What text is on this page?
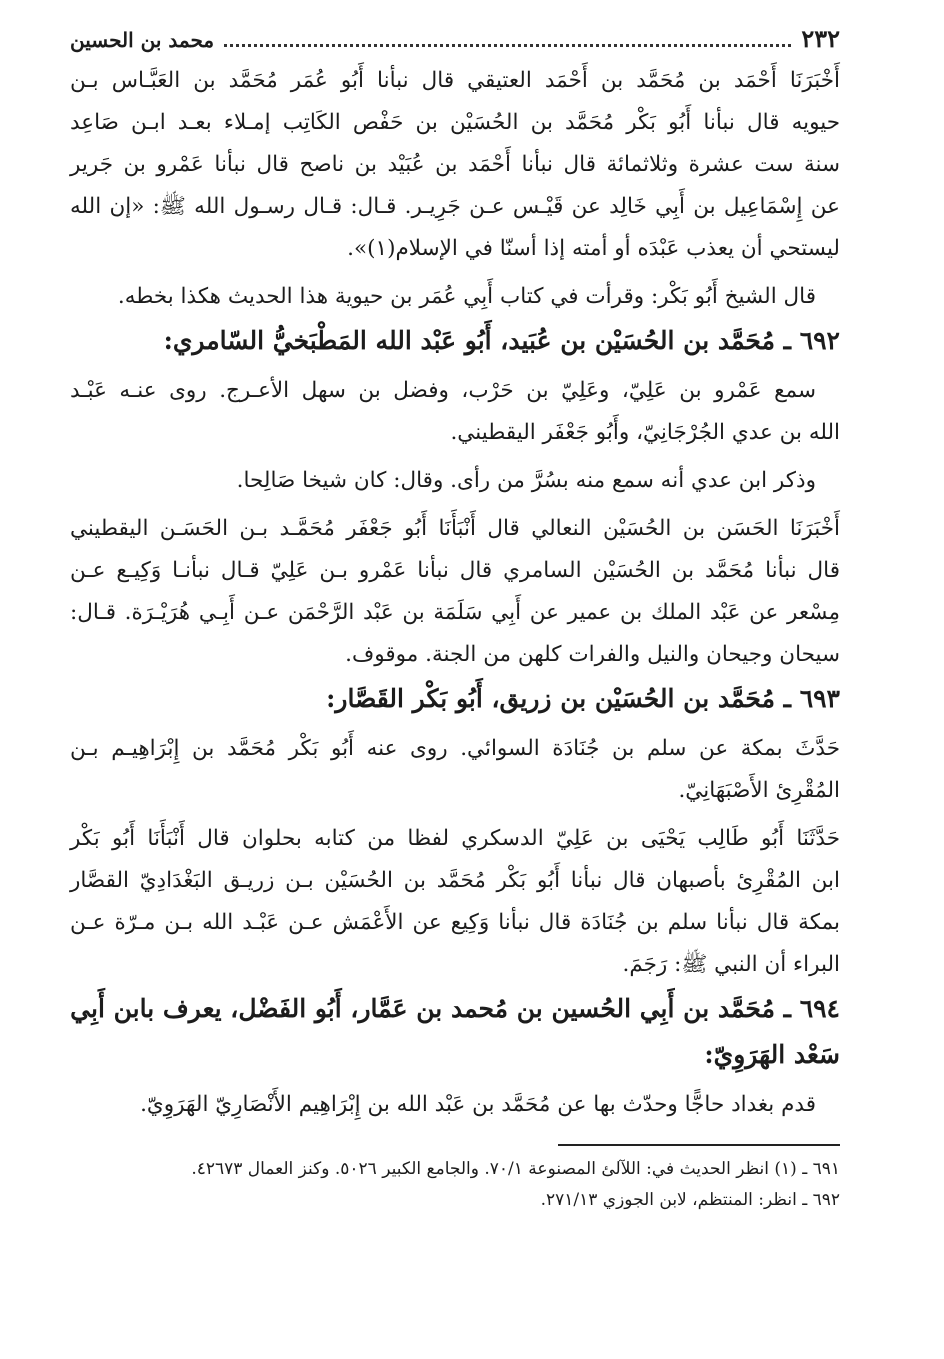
٢٣٢
محمد بن الحسين

أَخْبَرَنَا أَحْمَد بن مُحَمَّد بن أَحْمَد العتيقي قال نبأنا أَبُو عُمَر مُحَمَّد بن العَبَّـاس بـن

حيويه قال نبأنا أَبُو بَكْر مُحَمَّد بن الحُسَيْن بن حَفْص الكَاتِب إمـلاء بعـد ابـن صَاعِد

سنة ست عشرة وثلاثمائة قال نبأنا أَحْمَد بن عُبَيْد بن ناصح قال نبأنا عَمْرو بن جَرير

عن إِسْمَاعِيل بن أَبِي خَالِد عن قَيْـس عـن جَرِيـر. قـال: قـال رسـول الله ﷺ: «إن الله

ليستحي أن يعذب عَبْدَه أو أمته إذا أسنّا في الإسلام(١)».

قال الشيخ أَبُو بَكْر: وقرأت في كتاب أَبِي عُمَر بن حيوية هذا الحديث هكذا بخطه.

٦٩٢ ـ مُحَمَّد بن الحُسَيْن بن عُبَيد، أَبُو عَبْد الله المَطْبَخيُّ السّامري:

سمع عَمْرو بن عَلِيّ، وعَلِيّ بن حَرْب، وفضل بن سهل الأعـرج. روى عنـه عَبْـد

الله بن عدي الجُرْجَانِيّ، وأَبُو جَعْفَر اليقطيني.

وذكر ابن عدي أنه سمع منه بسُرَّ من رأى. وقال: كان شيخا صَالِحا.

أَخْبَرَنَا الحَسَن بن الحُسَيْن النعالي قال أَنْبَأَنَا أَبُو جَعْفَر مُحَمَّـد بـن الحَسَـن اليقطيني

قال نبأنا مُحَمَّد بن الحُسَيْن السامري قال نبأنا عَمْرو بـن عَلِيّ قـال نبأنـا وَكِيـع عـن

مِسْعر عن عَبْد الملك بن عمير عن أَبِي سَلَمَة بن عَبْد الرَّحْمَن عـن أَبِـي هُرَيْـرَة. قـال:

سيحان وجيحان والنيل والفرات كلهن من الجنة. موقوف.

٦٩٣ ـ مُحَمَّد بن الحُسَيْن بن زريق، أَبُو بَكْر القَصَّار:

حَدَّثَ بمكة عن سلم بن جُنَادَة السوائي. روى عنه أَبُو بَكْر مُحَمَّد بن إِبْرَاهِيـم بـن

المُقْرِئ الأَصْبَهَانِيّ.

حَدَّثَنَا أَبُو طَالِب يَحْيَى بن عَلِيّ الدسكري لفظا من كتابه بحلوان قال أَنْبَأَنَا أَبُو بَكْر

ابن المُقْرِئ بأصبهان قال نبأنا أَبُو بَكْر مُحَمَّد بن الحُسَيْن بـن زريـق البَغْدَادِيّ القصَّار

بمكة قال نبأنا سلم بن جُنَادَة قال نبأنا وَكِيع عن الأَعْمَش عـن عَبْـد الله بـن مـرّة عـن

البراء أن النبي ﷺ: رَجَمَ.

٦٩٤ ـ مُحَمَّد بن أَبِي الحُسين بن مُحمد بن عَمَّار، أَبُو الفَضْل، يعرف بابن أَبِي
سَعْد الهَرَوِيّ:

قدم بغداد حاجًّا وحدّث بها عن مُحَمَّد بن عَبْد الله بن إِبْرَاهِيم الأَنْصَارِيّ الهَرَوِيّ.

٦٩١ ـ (١) انظر الحديث في: اللآلئ المصنوعة ٧٠/١. والجامع الكبير ٥٠٢٦. وكنز العمال ٤٢٦٧٣.

٦٩٢ ـ انظر: المنتظم، لابن الجوزي ٢٧١/١٣.
